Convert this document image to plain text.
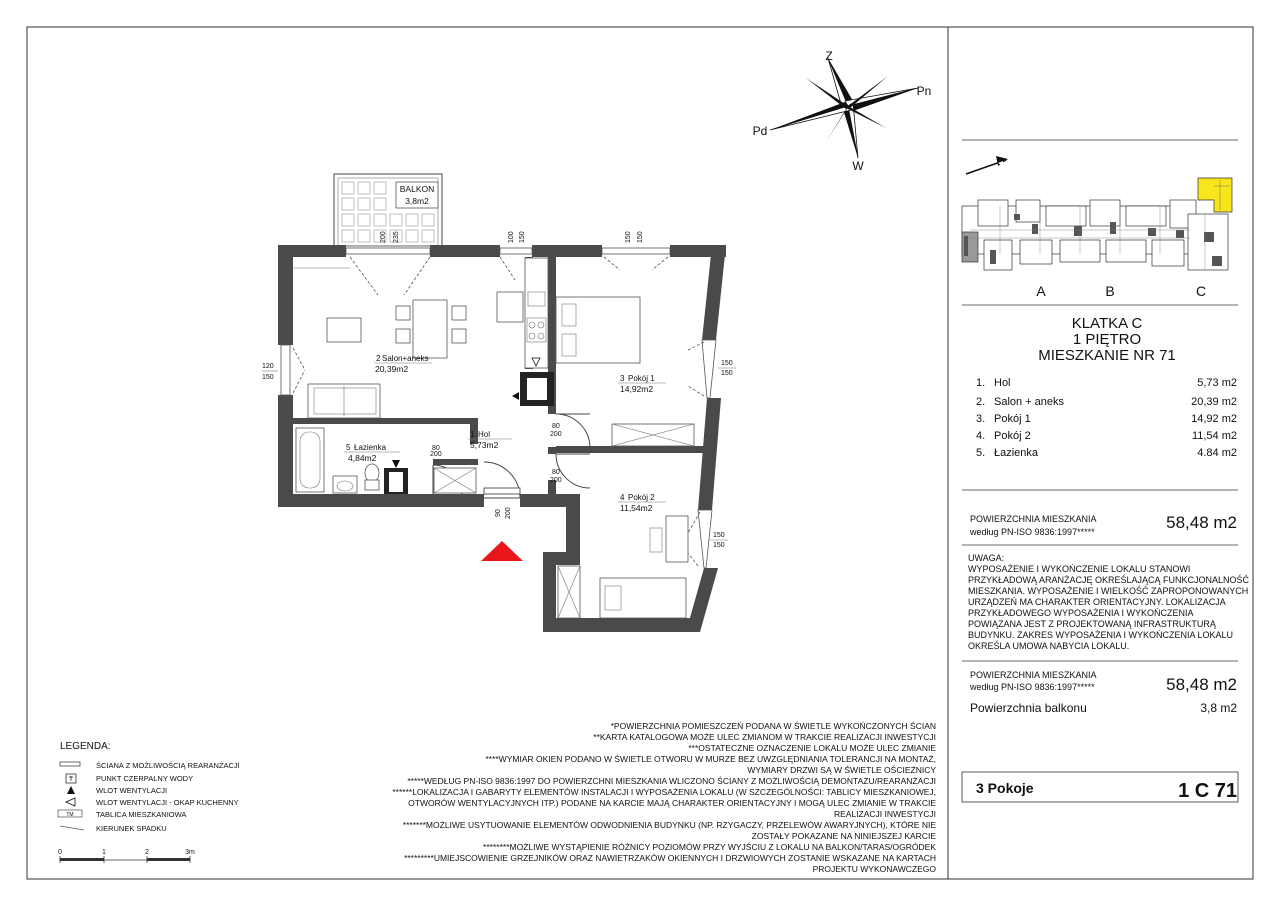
Z
Pn
W
Pd
BALKON
3,8m2
2 Salon+aneks
20,39m2
3 Pokój 1
14,92m2
1 Hol
5,73m2
5 Łazienka
4,84m2
4 Pokój 2
11,54m2
200 235	100 150	150 150
120
150
150
150
150
150
80
200
80
200
80
200
90 200
A	B	C
KLATKA C
1 PIĘTRO
MIESZKANIE NR 71
1. Hol	5,73 m2
2. Salon + aneks	20,39 m2
3. Pokój 1	14,92 m2
4. Pokój 2	11,54 m2
5. Łazienka	4.84 m2
POWIERZCHNIA MIESZKANIA
według PN-ISO 9836:1997*****	58,48 m2
UWAGA:
WYPOSAŻENIE I WYKOŃCZENIE LOKALU STANOWI
PRZYKŁADOWĄ ARANŻACJĘ OKREŚLAJĄCĄ FUNKCJONALNOŚĆ
MIESZKANIA. WYPOSAŻENIE I WIELKOŚĆ ZAPROPONOWANYCH
URZĄDZEŃ MA CHARAKTER ORIENTACYJNY. LOKALIZACJA
PRZYKŁADOWEGO WYPOSAŻENIA I WYKOŃCZENIA
POWIĄZANA JEST Z PROJEKTOWANĄ INFRASTRUKTURĄ
BUDYNKU. ZAKRES WYPOSAŻENIA I WYKOŃCZENIA LOKALU
OKREŚLA UMOWA NABYCIA LOKALU.
POWIERZCHNIA MIESZKANIA
według PN-ISO 9836:1997*****	58,48 m2
Powierzchnia balkonu	3,8 m2
3 Pokoje	1 C 71
*POWIERZCHNIA POMIESZCZEŃ PODANA W ŚWIETLE WYKOŃCZONYCH ŚCIAN
**KARTA KATALOGOWA MOŻE ULEC ZMIANOM W TRAKCIE REALIZACJI INWESTYCJI
***OSTATECZNE OZNACZENIE LOKALU MOŻE ULEC ZMIANIE
****WYMIAR OKIEN PODANO W ŚWIETLE OTWORU W MURZE BEZ UWZGLĘDNIANIA TOLERANCJI NA MONTAŻ,
WYMIARY DRZWI SĄ W ŚWIETLE OŚCIEŻNICY
*****WEDŁUG PN-ISO 9836:1997 DO POWIERZCHNI MIESZKANIA WLICZONO ŚCIANY Z MOŻLIWOŚCIĄ DEMONTAŻU/REARANŻACJI
******LOKALIZACJA I GABARYTY ELEMENTÓW INSTALACJI I WYPOSAŻENIA LOKALU (W SZCZEGÓLNOŚCI: TABLICY MIESZKANIOWEJ,
OTWORÓW WENTYLACYJNYCH ITP.) PODANE NA KARCIE MAJĄ CHARAKTER ORIENTACYJNY I MOGĄ ULEC ZMIANIE W TRAKCIE
REALIZACJI INWESTYCJI
*******MOŻLIWE USYTUOWANIE ELEMENTÓW ODWODNIENIA BUDYNKU (NP. RZYGACZY, PRZELEWÓW AWARYJNYCH), KTÓRE NIE
ZOSTAŁY POKAZANE NA NINIEJSZEJ KARCIE
********MOŻLIWE WYSTĄPIENIE RÓŻNICY POZIOMÓW PRZY WYJŚCIU Z LOKALU NA BALKON/TARAS/OGRÓDEK
*********UMIEJSCOWIENIE GRZEJNIKÓW ORAZ NAWIETRZAKÓW OKIENNYCH I DRZWIOWYCH ZOSTANIE WSKAZANE NA KARTACH
PROJEKTU WYKONAWCZEGO
LEGENDA:
ŚCIANA Z MOŻLIWOŚCIĄ REARANŻACJI
PUNKT CZERPALNY WODY
WLOT WENTYLACJI
WLOT WENTYLACJI - OKAP KUCHENNY
TM	TABLICA MIESZKANIOWA
KIERUNEK SPADKU
0	1	2	3m
